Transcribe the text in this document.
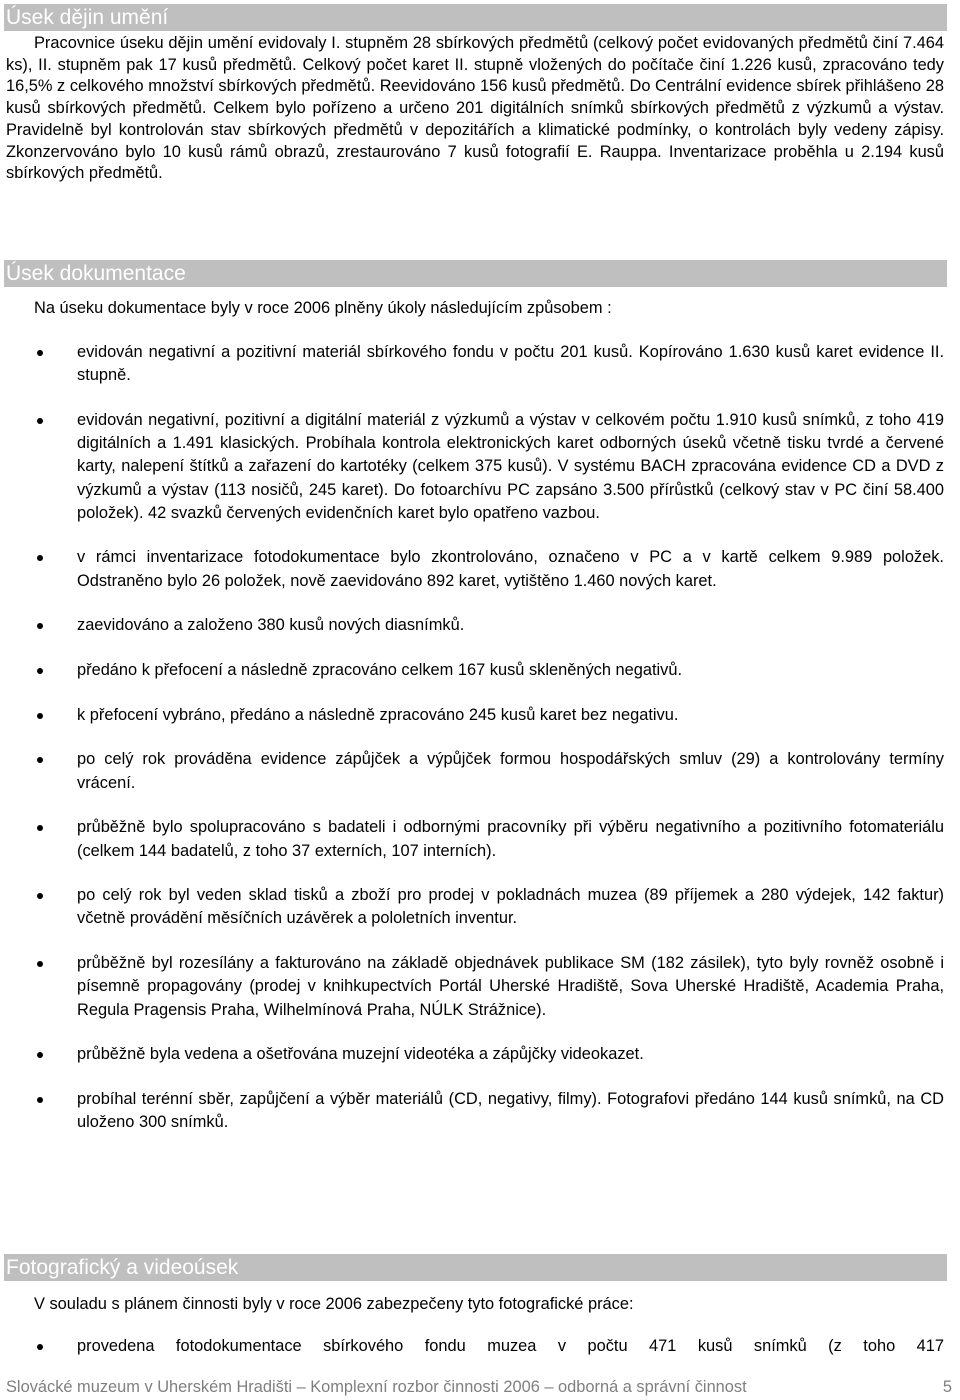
Úsek dějin umění
Pracovnice úseku dějin umění evidovaly I. stupněm 28 sbírkových předmětů (celkový počet evidovaných předmětů činí 7.464 ks), II. stupněm pak 17 kusů předmětů. Celkový počet karet II. stupně vložených do počítače činí 1.226 kusů, zpracováno tedy 16,5% z celkového množství sbírkových předmětů. Reevidováno 156 kusů předmětů. Do Centrální evidence sbírek přihlášeno 28 kusů sbírkových předmětů. Celkem bylo pořízeno a určeno 201 digitálních snímků sbírkových předmětů z výzkumů a výstav. Pravidelně byl kontrolován stav sbírkových předmětů v depozitářích a klimatické podmínky, o kontrolách byly vedeny zápisy. Zkonzervováno bylo 10 kusů rámů obrazů, zrestaurováno 7 kusů fotografií E. Rauppa. Inventarizace proběhla u 2.194 kusů sbírkových předmětů.
Úsek dokumentace
Na úseku dokumentace byly v roce 2006 plněny úkoly následujícím způsobem :
evidován negativní a pozitivní materiál sbírkového fondu v počtu 201 kusů. Kopírováno 1.630 kusů karet evidence II. stupně.
evidován negativní, pozitivní a digitální materiál z výzkumů a výstav v celkovém počtu 1.910 kusů snímků, z toho 419 digitálních a 1.491 klasických. Probíhala kontrola elektronických karet odborných úseků včetně tisku tvrdé a červené karty, nalepení štítků a zařazení do kartotéky (celkem 375 kusů). V systému BACH zpracována evidence CD a DVD z výzkumů a výstav (113 nosičů, 245 karet). Do fotoarchívu PC zapsáno 3.500 přírůstků (celkový stav v PC činí 58.400 položek). 42 svazků červených evidenčních karet bylo opatřeno vazbou.
v rámci inventarizace fotodokumentace bylo zkontrolováno, označeno v PC a v kartě celkem 9.989 položek. Odstraněno bylo 26 položek, nově zaevidováno 892 karet, vytištěno 1.460 nových karet.
zaevidováno a založeno 380 kusů nových diasnímků.
předáno k přefocení a následně zpracováno celkem 167 kusů skleněných negativů.
k přefocení vybráno, předáno a následně zpracováno 245 kusů karet bez negativu.
po celý rok prováděna evidence zápůjček a výpůjček formou hospodářských smluv (29) a kontrolovány termíny vrácení.
průběžně bylo spolupracováno s badateli i odbornými pracovníky při výběru negativního a pozitivního fotomateriálu (celkem 144 badatelů, z toho 37 externích, 107 interních).
po celý rok byl veden sklad tisků a zboží pro prodej v pokladnách muzea (89 příjemek a 280 výdejek, 142 faktur) včetně provádění měsíčních uzávěrek a pololetních inventur.
průběžně byl rozesílány a fakturováno na základě objednávek publikace SM (182 zásilek), tyto byly rovněž osobně i písemně propagovány (prodej v knihkupectvích Portál Uherské Hradiště, Sova Uherské Hradiště, Academia Praha, Regula Pragensis Praha, Wilhelmínová Praha, NÚLK Strážnice).
průběžně byla vedena a ošetřována muzejní videotéka a zápůjčky videokazet.
probíhal terénní sběr, zapůjčení a výběr materiálů (CD, negativy, filmy). Fotografovi předáno 144 kusů snímků, na CD uloženo 300 snímků.
Fotografický a videoúsek
V souladu s plánem činnosti byly v roce 2006 zabezpečeny tyto fotografické práce:
provedena fotodokumentace sbírkového fondu muzea v počtu 471 kusů snímků (z toho 417
Slovácké muzeum v Uherském Hradišti – Komplexní rozbor činnosti 2006 – odborná a správní činnost	5
